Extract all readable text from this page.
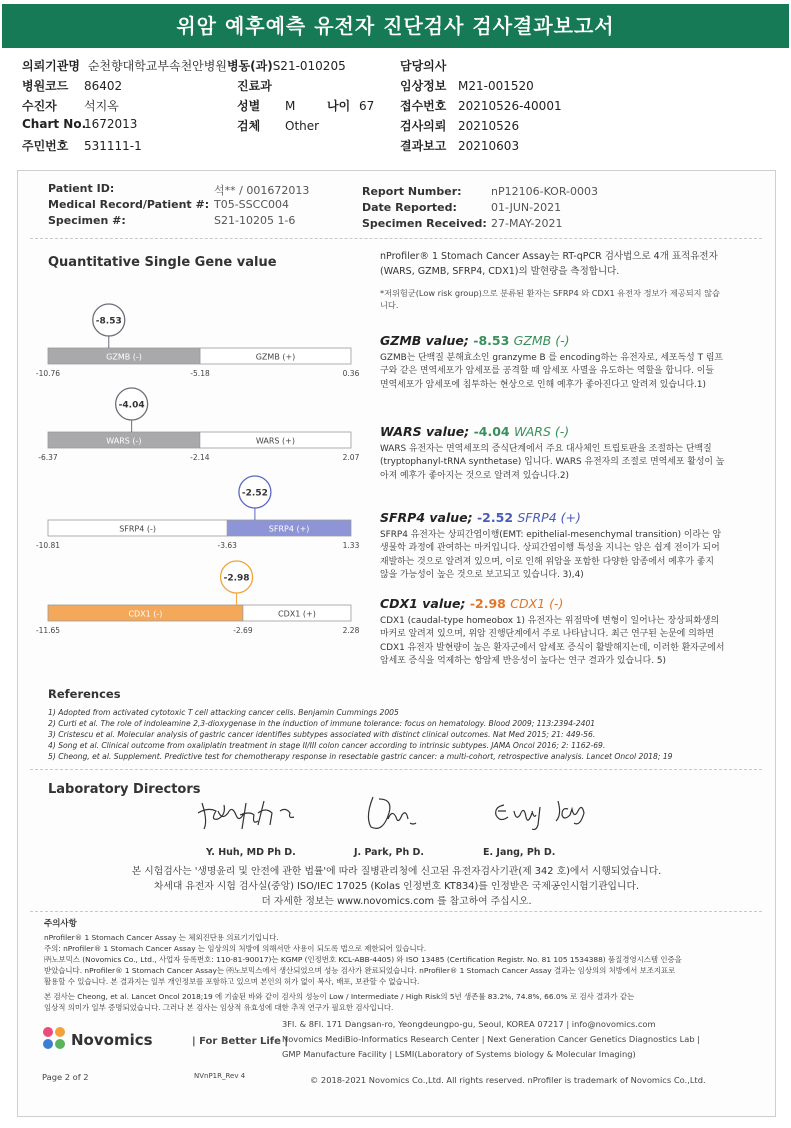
위암 예후예측 유전자 진단검사 검사결과보고서
의뢰기관명 순천향대학교부속천안병원병동(과)S21-010205	담당의사
병원코드 86402	진료과	임상정보 M21-001520
수진자 석지옥	성별 M	나이 67 접수번호 20210526-40001
Chart No.1672013	검체 Other	검사의뢰 20210526
주민번호 531111-1	결과보고 20210603
Patient ID:	석** / 001672013
Medical Record/Patient #: T05-SSCC004
Specimen #:	S21-10205 1-6
Report Number:	nP12106-KOR-0003
Date Reported:	01-JUN-2021
Specimen Received: 27-MAY-2021
Quantitative Single Gene value	nProfiler® 1 Stomach Cancer Assay는 RT-qPCR 검사법으로 4개 표적유전자(WARS, GZMB, SFRP4, CDX1)의 발현량을 측정합니다.
*저위험군(Low risk group)으로 분류된 환자는 SFRP4 와 CDX1 유전자 정보가 제공되지 않습니다.
GZMB (-)	GZMB (+)
-10.76	-5.18	0.36
-8.53
WARS (-)	WARS (+)
-6.37	-2.14	2.07
-4.04
SFRP4 (-)	SFRP4 (+)
-10.81	-3.63	1.33
-2.52
CDX1 (-)	CDX1 (+)
-11.65	-2.69	2.28
-2.98
GZMB value; -8.53 GZMB (-)
GZMB는 단백질 분해효소인 granzyme B 를 encoding하는 유전자로, 세포독성 T 림프구와 같은 면역세포가 암세포를 공격할 때 암세포 사멸을 유도하는 역할을 합니다. 이들 면역세포가 암세포에 침투하는 현상으로 인해 예후가 좋아진다고 알려져 있습니다.1)
WARS value; -4.04 WARS (-)
WARS 유전자는 면역세포의 증식단계에서 주요 대사체인 트립토판을 조절하는 단백질(tryptophanyl-tRNA synthetase) 입니다. WARS 유전자의 조절로 면역세포 활성이 높아져 예후가 좋아지는 것으로 알려져 있습니다.2)
SFRP4 value; -2.52 SFRP4 (+)
SFRP4 유전자는 상피간엽이행(EMT: epithelial-mesenchymal transition) 이라는 암생물학 과정에 관여하는 마커입니다. 상피간엽이행 특성을 지니는 암은 쉽게 전이가 되어 재발하는 것으로 알려져 있으며, 이로 인해 위암을 포함한 다양한 암종에서 예후가 좋지 않을 가능성이 높은 것으로 보고되고 있습니다. 3),4)
CDX1 value; -2.98 CDX1 (-)
CDX1 (caudal-type homeobox 1) 유전자는 위점막에 변형이 일어나는 장상피화생의 마커로 알려져 있으며, 위암 진행단계에서 주로 나타납니다. 최근 연구된 논문에 의하면 CDX1 유전자 발현량이 높은 환자군에서 암세포 증식이 활발해지는데, 이러한 환자군에서 암세포 증식을 억제하는 항암제 반응성이 높다는 연구 결과가 있습니다. 5)
References
1) Adopted from activated cytotoxic T cell attacking cancer cells. Benjamin Cummings 2005
2) Curti et al. The role of indoleamine 2,3-dioxygenase in the induction of immune tolerance: focus on hematology. Blood 2009; 113:2394-2401
3) Cristescu et al. Molecular analysis of gastric cancer identifies subtypes associated with distinct clinical outcomes. Nat Med 2015; 21: 449-56.
4) Song et al. Clinical outcome from oxaliplatin treatment in stage II/III colon cancer according to intrinsic subtypes. JAMA Oncol 2016; 2: 1162-69.
5) Cheong, et al. Supplement. Predictive test for chemotherapy response in resectable gastric cancer: a multi-cohort, retrospective analysis. Lancet Oncol 2018; 19
Laboratory Directors
Y. Huh, MD Ph D.	J. Park, Ph D.	E. Jang, Ph D.
본 시험검사는 '생명윤리 및 안전에 관한 법률'에 따라 질병관리청에 신고된 유전자검사기관(제 342 호)에서 시행되었습니다.
차세대 유전자 시험 검사실(중앙) ISO/IEC 17025 (Kolas 인정번호 KT834)를 인정받은 국제공인시험기관입니다.
더 자세한 정보는 www.novomics.com 를 참고하여 주십시오.
주의사항
nProfiler® 1 Stomach Cancer Assay 는 체외진단용 의료기기입니다.
주의: nProfiler® 1 Stomach Cancer Assay 는 임상의의 처방에 의해서만 사용이 되도록 법으로 제한되어 있습니다.
㈜노보믹스 (Novomics Co., Ltd., 사업자 등록번호: 110-81-90017)는 KGMP (인정번호 KCL-ABB-4405) 와 ISO 13485 (Certification Registr. No. 81 105 1534388) 품질경영시스템 인증을
받았습니다. nProfiler® 1 Stomach Cancer Assay는 ㈜노보믹스에서 생산되었으며 성능 검사가 완료되었습니다. nProfiler® 1 Stomach Cancer Assay 결과는 임상의의 처방에서 보조지표로
활용할 수 있습니다. 본 결과지는 일부 개인정보를 포함하고 있으며 본인의 허가 없이 복사, 배포, 보관할 수 없습니다.
본 검사는 Cheong, et al. Lancet Oncol 2018;19 에 기술된 바와 같이 검사의 성능이 Low / Intermediate / High Risk의 5년 생존률 83.2%, 74.8%, 66.0% 로 검사 결과가 같는
임상적 의미가 일부 증명되었습니다. 그러나 본 검사는 임상적 유효성에 대한 추적 연구가 필요한 검사입니다.
Novomics	| For Better Life |
3Fl. & 8Fl. 171 Dangsan-ro, Yeongdeungpo-gu, Seoul, KOREA 07217 | info@novomics.com
Novomics MediBio-Informatics Research Center | Next Generation Cancer Genetics Diagnostics Lab |
GMP Manufacture Facility | LSMI(Laboratory of Systems biology & Molecular Imaging)
Page 2 of 2	NVnP1R_Rev 4	© 2018-2021 Novomics Co.,Ltd. All rights reserved. nProfiler is trademark of Novomics Co.,Ltd.
